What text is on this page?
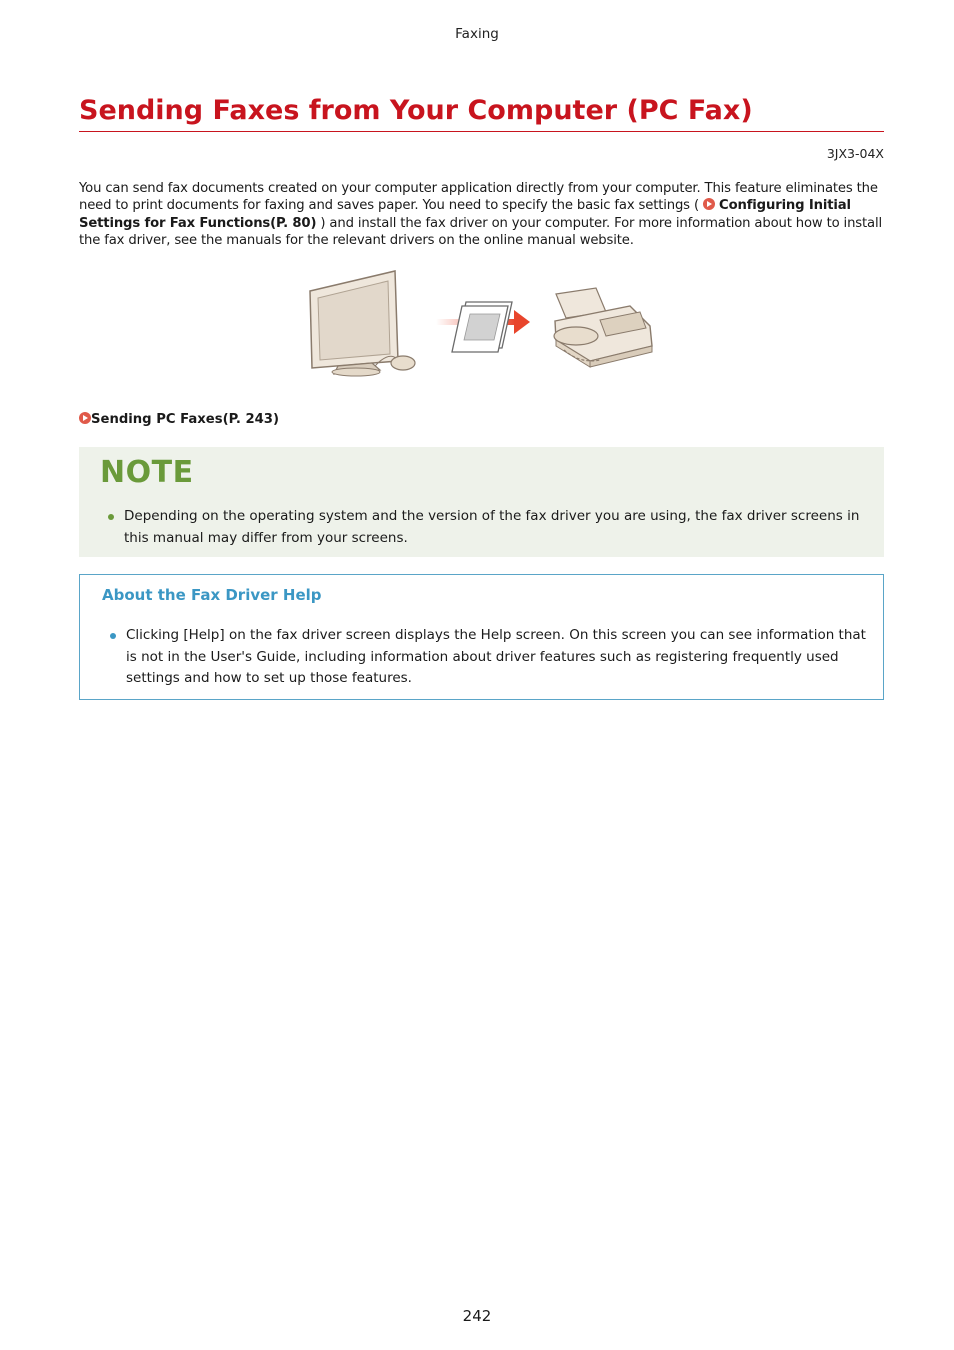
Faxing
Sending Faxes from Your Computer (PC Fax)
3JX3-04X

You can send fax documents created on your computer application directly from your computer. This feature eliminates the need to print documents for faxing and saves paper. You need to specify the basic fax settings ( Configuring Initial Settings for Fax Functions(P. 80) ) and install the fax driver on your computer. For more information about how to install the fax driver, see the manuals for the relevant drivers on the online manual website.

Sending PC Faxes(P. 243)
NOTE
Depending on the operating system and the version of the fax driver you are using, the fax driver screens in this manual may differ from your screens.
About the Fax Driver Help
Clicking [Help] on the fax driver screen displays the Help screen. On this screen you can see information that is not in the User's Guide, including information about driver features such as registering frequently used settings and how to set up those features.
242
